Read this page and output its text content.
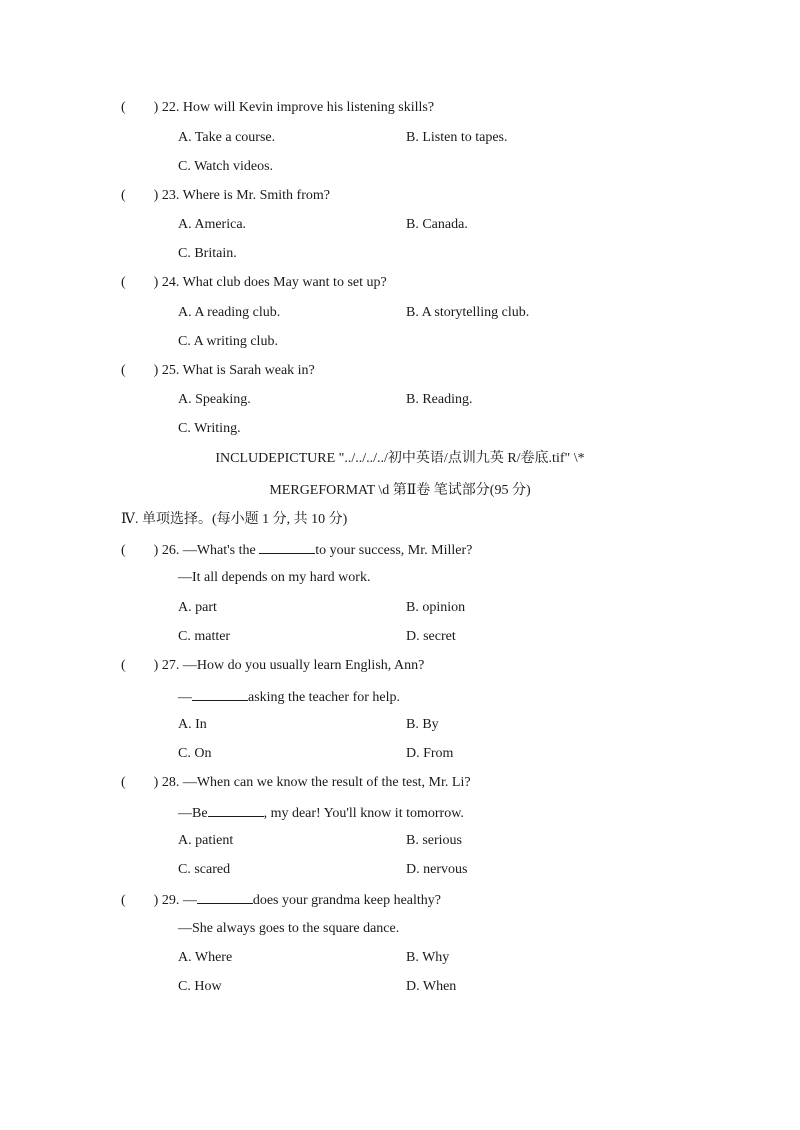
( ) 22. How will Kevin improve his listening skills?
A. Take a course.	B. Listen to tapes.
C. Watch videos.
( ) 23. Where is Mr. Smith from?
A. America.	B. Canada.
C. Britain.
( ) 24. What club does May want to set up?
A. A reading club.	B. A storytelling club.
C. A writing club.
( ) 25. What is Sarah weak in?
A. Speaking.	B. Reading.
C. Writing.
INCLUDEPICTURE "../../../../初中英语/点训九英 R/卷底.tif" \*
MERGEFORMAT \d 第Ⅱ卷 笔试部分(95 分)
Ⅳ. 单项选择。(每小题 1 分, 共 10 分)
( ) 26. —What's the	to your success, Mr. Miller?
—It all depends on my hard work.
A. part	B. opinion
C. matter	D. secret
( ) 27. —How do you usually learn English, Ann?
—	asking the teacher for help.
A. In	B. By
C. On	D. From
( ) 28. —When can we know the result of the test, Mr. Li?
—Be	, my dear! You'll know it tomorrow.
A. patient	B. serious
C. scared	D. nervous
( ) 29. —	does your grandma keep healthy?
—She always goes to the square dance.
A. Where	B. Why
C. How	D. When
